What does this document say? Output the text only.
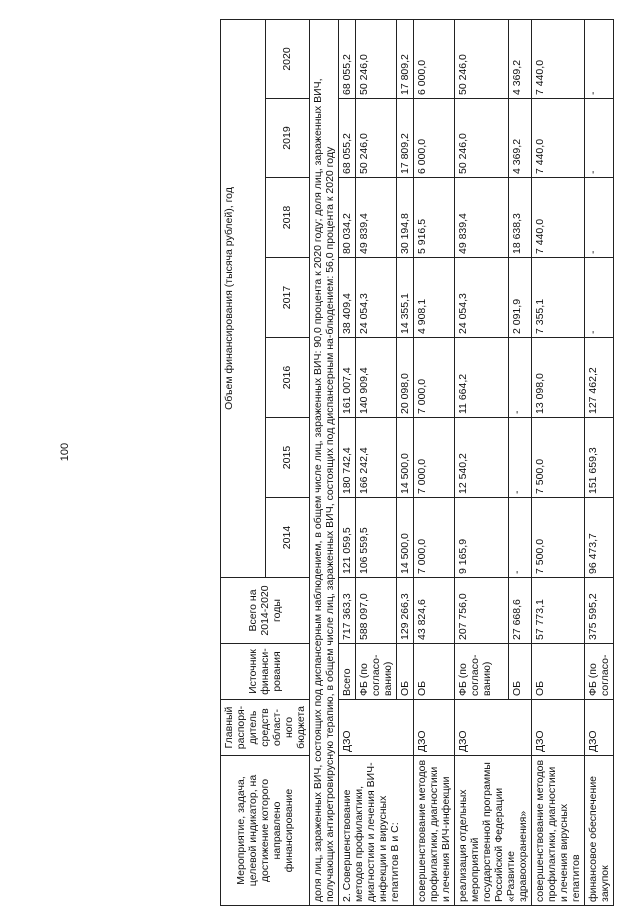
100
Мероприятие, задача, целевой индикатор, на достижение которого направлено финансирование	Главный распоря-дитель средств област-ного бюджета	Источник финанси-рования	Всего на 2014-2020 годы	Объем финансирования (тысяча рублей), год						
				2014	2015	2016	2017	2018	2019	2020
доля лиц, зараженных ВИЧ, состоящих под диспансерным наблюдением, в общем числе лиц, зараженных ВИЧ: 90,0 процента к 2020 году; доля лиц, зараженных ВИЧ, получающих антиретровирусную терапию, в общем числе лиц, зараженных ВИЧ, состоящих под диспансерным на-блюдением: 56,0 процента к 2020 году										
2. Совершенствование методов профилактики, диагностики и лечения ВИЧ-инфекции и вирусных гепатитов В и С:	ДЗО	Всего	717 363,3	121 059,5	180 742,4	161 007,4	38 409,4	80 034,2	68 055,2	68 055,2
		ФБ (по согласо-ванию)	588 097,0	106 559,5	166 242,4	140 909,4	24 054,3	49 839,4	50 246,0	50 246,0
		ОБ	129 266,3	14 500,0	14 500,0	20 098,0	14 355,1	30 194,8	17 809,2	17 809,2
совершенствование методов профилактики, диагностики и лечения ВИЧ-инфекции	ДЗО	ОБ	43 824,6	7 000,0	7 000,0	7 000,0	4 908,1	5 916,5	6 000,0	6 000,0
реализация отдельных мероприятий государственной программы Российской Федерации «Развитие здравоохранения»	ДЗО	ФБ (по согласо-ванию)	207 756,0	9 165,9	12 540,2	11 664,2	24 054,3	49 839,4	50 246,0	50 246,0
		ОБ	27 668,6	-	-	-	2 091,9	18 638,3	4 369,2	4 369,2
совершенствование методов профилактики, диагностики и лечения вирусных гепатитов	ДЗО	ОБ	57 773,1	7 500,0	7 500,0	13 098,0	7 355,1	7 440,0	7 440,0	7 440,0
финансовое обеспечение закупок	ДЗО	ФБ (по согласо-	375 595,2	96 473,7	151 659,3	127 462,2	-	-	-	-
